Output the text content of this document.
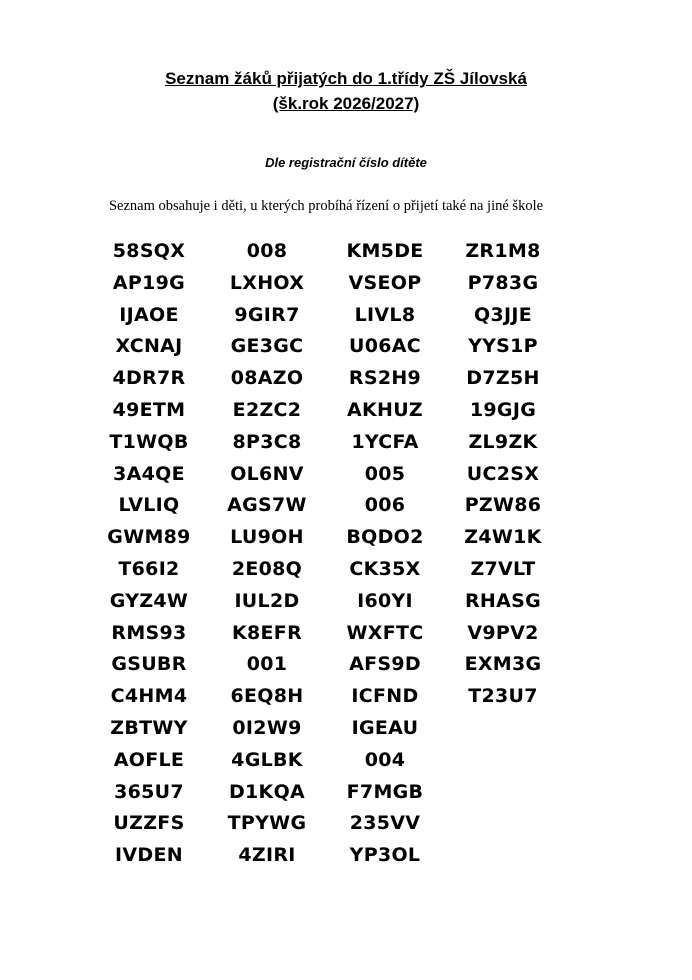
Seznam žáků přijatých do 1.třídy ZŠ Jílovská
(šk.rok 2026/2027)
Dle registrační číslo dítěte
Seznam obsahuje i děti, u kterých probíhá řízení o přijetí také na jiné škole
58SQX
AP19G
IJAOE
XCNAJ
4DR7R
49ETM
T1WQB
3A4QE
LVLIQ
GWM89
T66I2
GYZ4W
RMS93
GSUBR
C4HM4
ZBTWY
AOFLE
365U7
UZZFS
IVDEN
008
LXHOX
9GIR7
GE3GC
08AZO
E2ZC2
8P3C8
OL6NV
AGS7W
LU9OH
2E08Q
IUL2D
K8EFR
001
6EQ8H
0I2W9
4GLBK
D1KQA
TPYWG
4ZIRI
KM5DE
VSEOP
LIVL8
U06AC
RS2H9
AKHUZ
1YCFA
005
006
BQDO2
CK35X
I60YI
WXFTC
AFS9D
ICFND
IGEAU
004
F7MGB
235VV
YP3OL
ZR1M8
P783G
Q3JJE
YYS1P
D7Z5H
19GJG
ZL9ZK
UC2SX
PZW86
Z4W1K
Z7VLT
RHASG
V9PV2
EXM3G
T23U7
